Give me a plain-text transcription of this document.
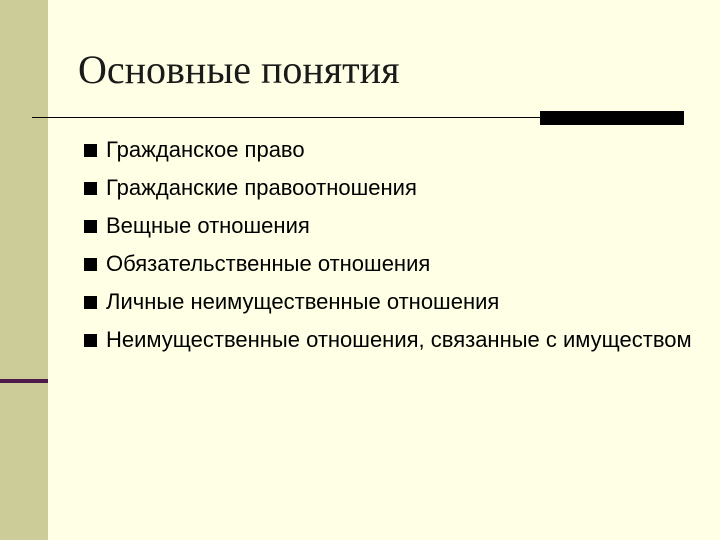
Основные понятия
Гражданское право
Гражданские правоотношения
Вещные отношения
Обязательственные отношения
Личные неимущественные отношения
Неимущественные отношения, связанные с имуществом
